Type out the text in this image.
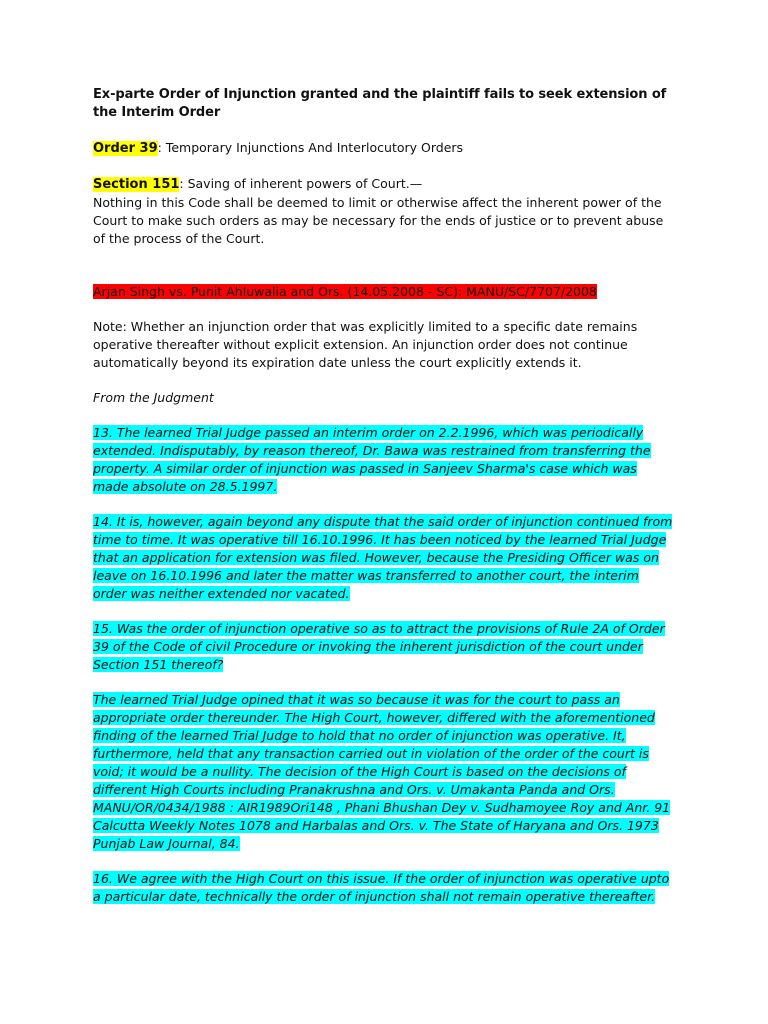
Ex-parte Order of Injunction granted and the plaintiff fails to seek extension of the Interim Order
Order 39: Temporary Injunctions And Interlocutory Orders
Section 151: Saving of inherent powers of Court.—
Nothing in this Code shall be deemed to limit or otherwise affect the inherent power of the Court to make such orders as may be necessary for the ends of justice or to prevent abuse of the process of the Court.
Arjan Singh vs. Punit Ahluwalia and Ors. (14.05.2008 - SC): MANU/SC/7707/2008
Note: Whether an injunction order that was explicitly limited to a specific date remains operative thereafter without explicit extension. An injunction order does not continue automatically beyond its expiration date unless the court explicitly extends it.
From the Judgment
13. The learned Trial Judge passed an interim order on 2.2.1996, which was periodically extended. Indisputably, by reason thereof, Dr. Bawa was restrained from transferring the property. A similar order of injunction was passed in Sanjeev Sharma's case which was made absolute on 28.5.1997.
14. It is, however, again beyond any dispute that the said order of injunction continued from time to time. It was operative till 16.10.1996. It has been noticed by the learned Trial Judge that an application for extension was filed. However, because the Presiding Officer was on leave on 16.10.1996 and later the matter was transferred to another court, the interim order was neither extended nor vacated.
15. Was the order of injunction operative so as to attract the provisions of Rule 2A of Order 39 of the Code of civil Procedure or invoking the inherent jurisdiction of the court under Section 151 thereof?
The learned Trial Judge opined that it was so because it was for the court to pass an appropriate order thereunder. The High Court, however, differed with the aforementioned finding of the learned Trial Judge to hold that no order of injunction was operative. It, furthermore, held that any transaction carried out in violation of the order of the court is void; it would be a nullity. The decision of the High Court is based on the decisions of different High Courts including Pranakrushna and Ors. v. Umakanta Panda and Ors. MANU/OR/0434/1988 : AIR1989Ori148 , Phani Bhushan Dey v. Sudhamoyee Roy and Anr. 91 Calcutta Weekly Notes 1078 and Harbalas and Ors. v. The State of Haryana and Ors. 1973 Punjab Law Journal, 84.
16. We agree with the High Court on this issue. If the order of injunction was operative upto a particular date, technically the order of injunction shall not remain operative thereafter.
